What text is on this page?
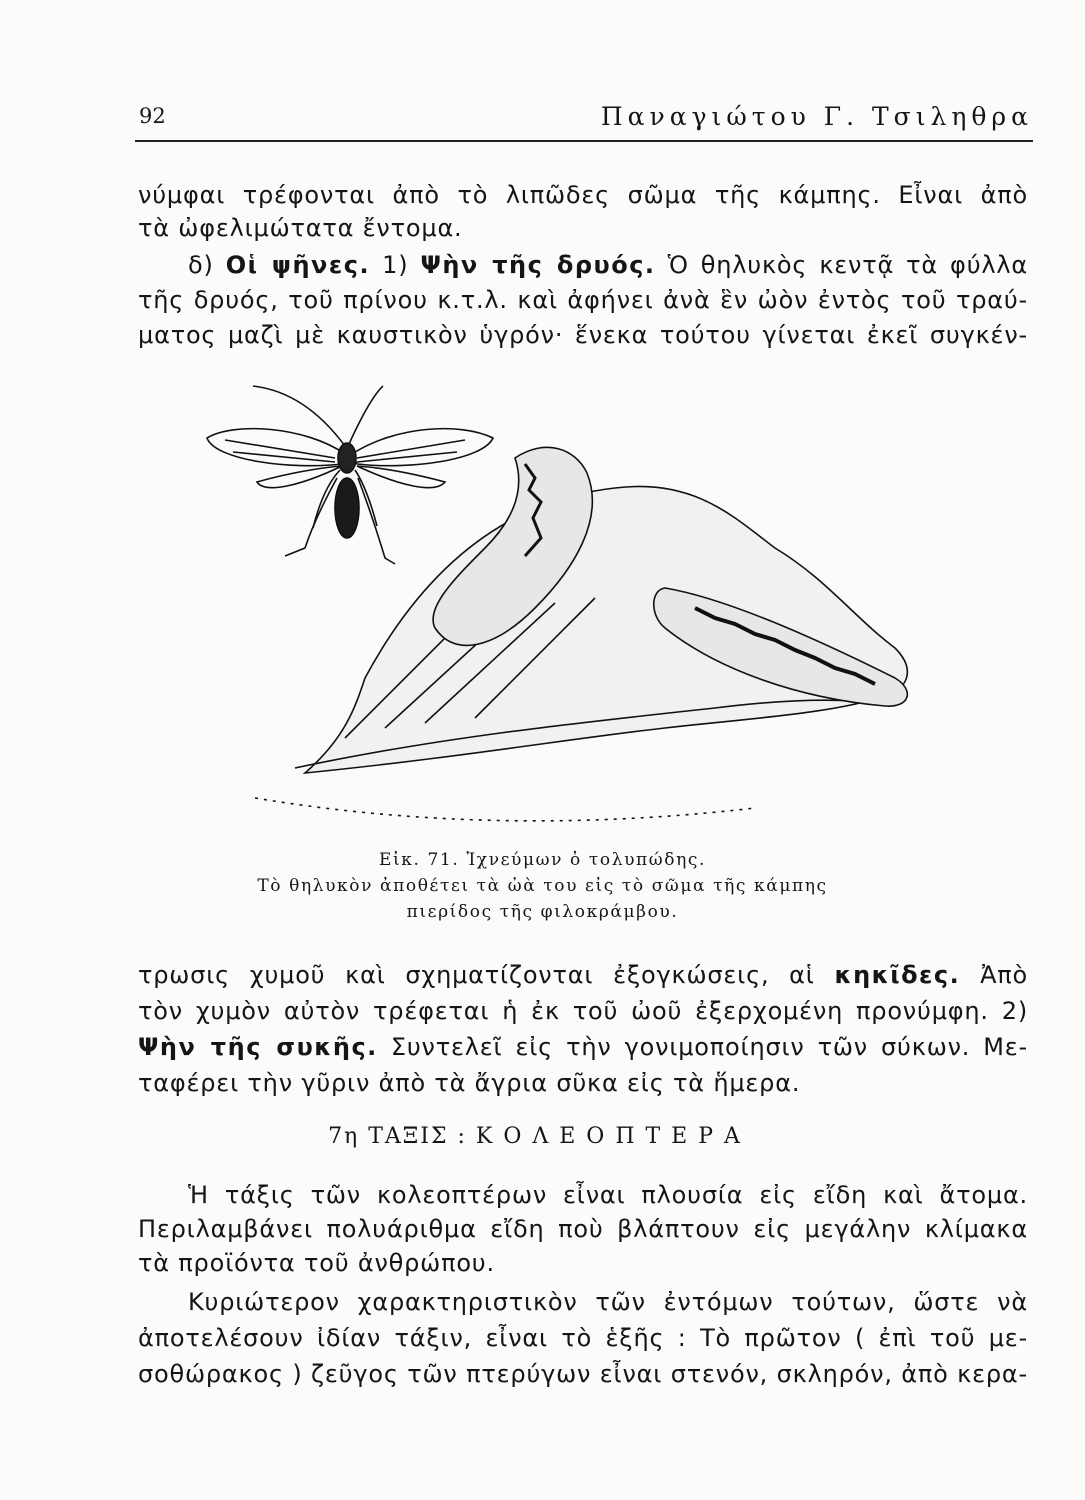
92	Παναγιώτου Γ. Τσιληθρα
νύμφαι τρέφονται ἀπὸ τὸ λιπῶδες σῶμα τῆς κάμπης. Εἶναι ἀπὸ
τὰ ὠφελιμώτατα ἔντομα.
δ) Οἱ ψῆνες. 1) Ψὴν τῆς δρυός. Ὁ θηλυκὸς κεντᾷ τὰ φύλλα
τῆς δρυός, τοῦ πρίνου κ.τ.λ. καὶ ἀφήνει ἀνὰ ἓν ὠὸν ἐντὸς τοῦ τραύ-
ματος μαζὶ μὲ καυστικὸν ὑγρόν· ἕνεκα τούτου γίνεται ἐκεῖ συγκέν-
Εἰκ. 71. Ἰχνεύμων ὁ τολυπώδης.
Τὸ θηλυκὸν ἀποθέτει τὰ ὠὰ του εἰς τὸ σῶμα τῆς κάμπης
πιερίδος τῆς φιλοκράμβου.
τρωσις χυμοῦ καὶ σχηματίζονται ἐξογκώσεις, αἱ κηκῖδες. Ἀπὸ
τὸν χυμὸν αὐτὸν τρέφεται ἡ ἐκ τοῦ ὠοῦ ἐξερχομένη προνύμφη. 2)
Ψὴν τῆς συκῆς. Συντελεῖ εἰς τὴν γονιμοποίησιν τῶν σύκων. Με-
ταφέρει τὴν γῦριν ἀπὸ τὰ ἄγρια σῦκα εἰς τὰ ἥμερα.
7η ΤΑΞΙΣ : Κ Ο Λ Ε Ο Π Τ Ε Ρ Α
Ἡ τάξις τῶν κολεοπτέρων εἶναι πλουσία εἰς εἴδη καὶ ἄτομα.
Περιλαμβάνει πολυάριθμα εἴδη ποὺ βλάπτουν εἰς μεγάλην κλίμακα
τὰ προϊόντα τοῦ ἀνθρώπου.
Κυριώτερον χαρακτηριστικὸν τῶν ἐντόμων τούτων, ὥστε νὰ
ἀποτελέσουν ἰδίαν τάξιν, εἶναι τὸ ἑξῆς : Τὸ πρῶτον ( ἐπὶ τοῦ με-
σοθώρακος ) ζεῦγος τῶν πτερύγων εἶναι στενόν, σκληρόν, ἀπὸ κερα-
